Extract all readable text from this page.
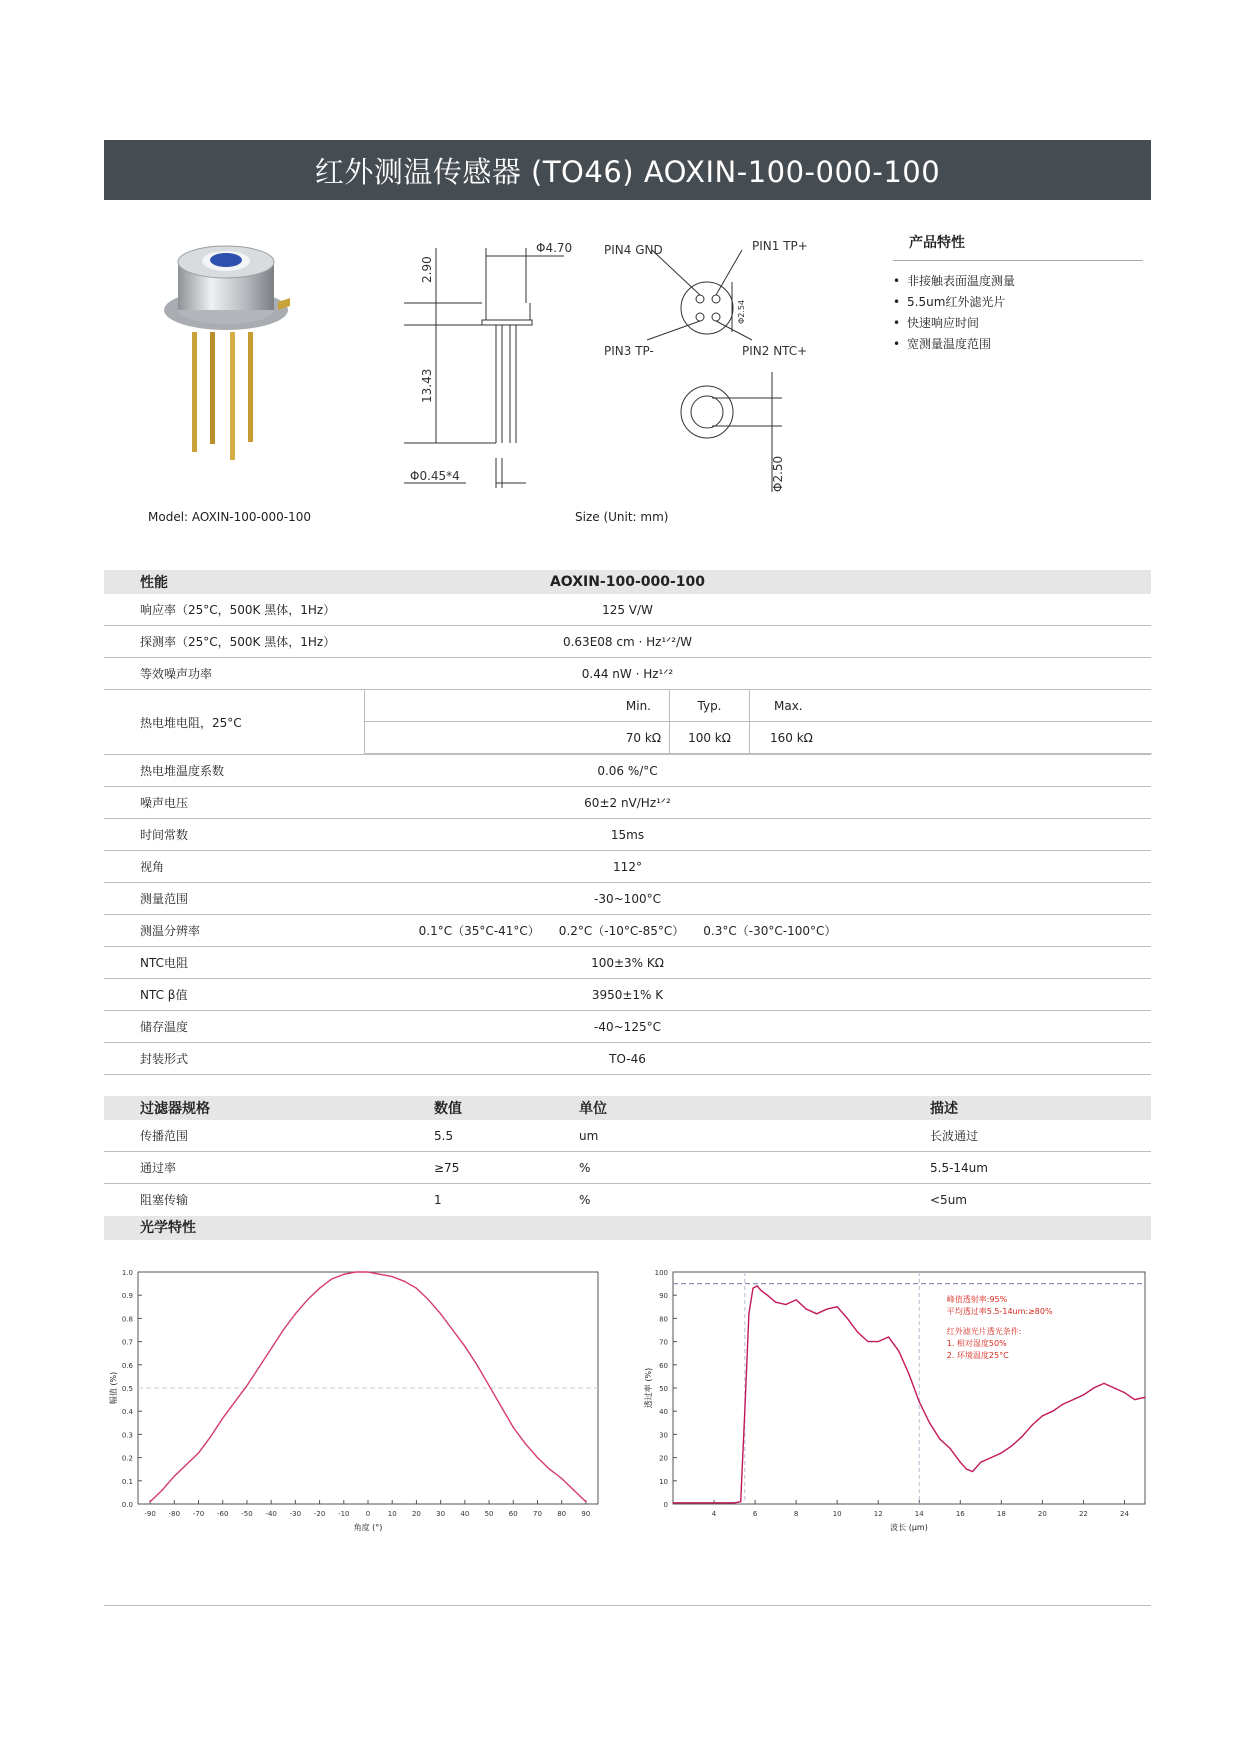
红外测温传感器 (TO46) AOXIN-100-000-100
Φ4.70
2.90
13.43
Φ0.45*4
PIN4 GND	PIN1 TP+
PIN3 TP-	PIN2 NTC+
Φ2.54
Φ2.50
Model: AOXIN-100-000-100	Size (Unit: mm)
产品特性
• 非接触表面温度测量
• 5.5um红外滤光片
• 快速响应时间
• 宽测量温度范围
性能	AOXIN-100-000-100
响应率（25°C，500K 黑体，1Hz）	125 V/W
探测率（25°C，500K 黑体，1Hz）	0.63E08 cm · Hz¹ᐟ²/W
等效噪声功率	0.44 nW · Hz¹ᐟ²
热电堆电阻，25°C	
Min.	Typ.	Max.
70 kΩ	100 kΩ	160 kΩ

热电堆温度系数	0.06 %/°C
噪声电压	60±2 nV/Hz¹ᐟ²
时间常数	15ms
视角	112°
测量范围	-30~100°C
测温分辨率	0.1°C（35°C-41°C）     0.2°C（-10°C-85°C）     0.3°C（-30°C-100°C）
NTC电阻	100±3% KΩ
NTC β值	3950±1% K
储存温度	-40~125°C
封装形式	TO-46
过滤器规格	数值	单位	描述
传播范围	5.5	um	长波通过
通过率	≥75	%	5.5-14um
阻塞传输	1	%	<5um
光学特性
0.0
0.1
0.2
0.3
0.4
0.5
0.6
0.7
0.8
0.9
1.0
-90 -80 -70 -60 -50 -40 -30 -20 -10 0	10 20 30 40 50 60 70 80 90
角度 (°)
幅值 (%)
0
10
20
30
40
50
60
70
80
90
100
4	6	8	10	12	14	16	18	20	22	24
波长 (μm)
透过率 (%)
峰值透射率:95%
平均透过率5.5-14um:≥80%
红外滤光片透光条件:
1. 相对湿度50%
2. 环境温度25°C
